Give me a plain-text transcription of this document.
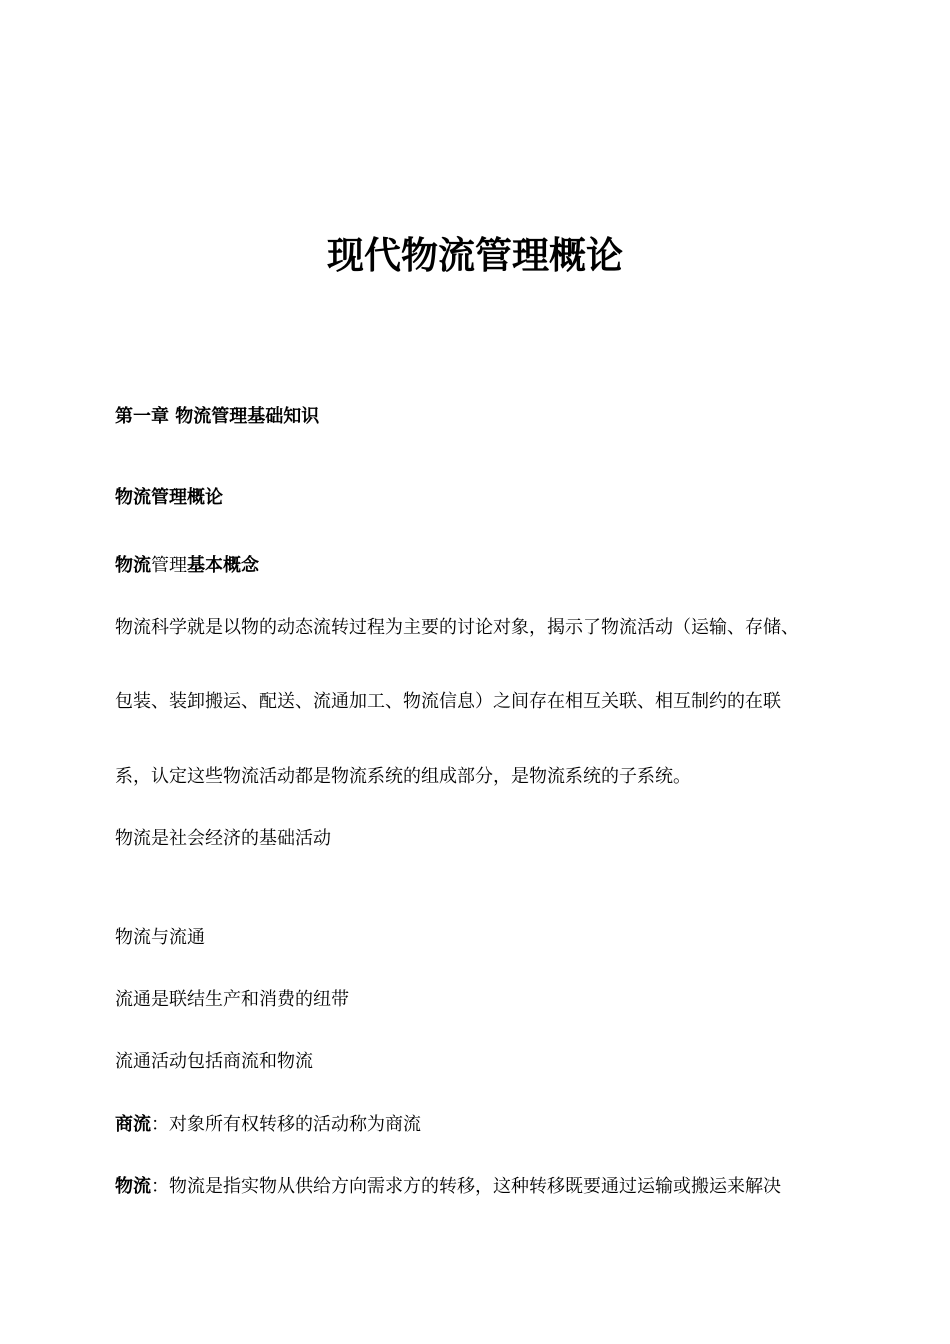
现代物流管理概论

第一章 物流管理基础知识

物流管理概论

物流管理基本概念

物流科学就是以物的动态流转过程为主要的讨论对象，揭示了物流活动（运输、存储、

包装、装卸搬运、配送、流通加工、物流信息）之间存在相互关联、相互制约的在联

系，认定这些物流活动都是物流系统的组成部分，是物流系统的子系统。

物流是社会经济的基础活动

物流与流通

流通是联结生产和消费的纽带

流通活动包括商流和物流

商流：对象所有权转移的活动称为商流

物流：物流是指实物从供给方向需求方的转移，这种转移既要通过运输或搬运来解决
